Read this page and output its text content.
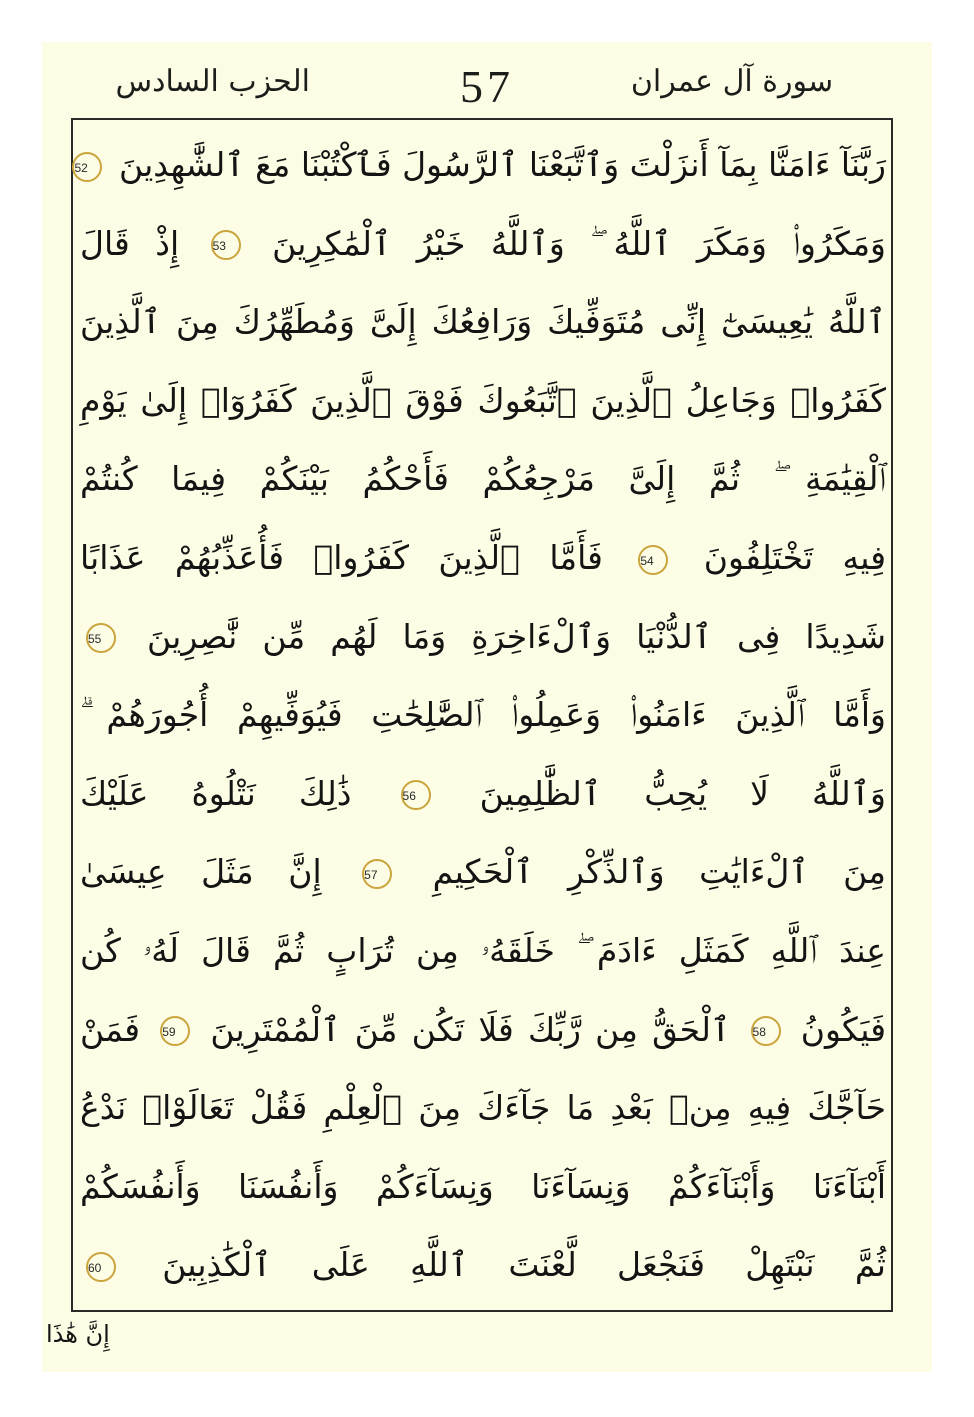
الحزب السادس	57	سورة آل عمران
رَبَّنَآ ءَامَنَّا بِمَآ أَنزَلْتَ وَٱتَّبَعْنَا ٱلرَّسُولَ فَٱكْتُبْنَا مَعَ ٱلشَّٰهِدِينَ 52
وَمَكَرُوا۟ وَمَكَرَ ٱللَّهُ ۖ وَٱللَّهُ خَيْرُ ٱلْمَٰكِرِينَ 53 إِذْ قَالَ
ٱللَّهُ يَٰعِيسَىٰٓ إِنِّى مُتَوَفِّيكَ وَرَافِعُكَ إِلَىَّ وَمُطَهِّرُكَ مِنَ ٱلَّذِينَ
كَفَرُوا۟ وَجَاعِلُ ٱلَّذِينَ ٱتَّبَعُوكَ فَوْقَ ٱلَّذِينَ كَفَرُوٓا۟ إِلَىٰ يَوْمِ
ٱلْقِيَٰمَةِ ۖ ثُمَّ إِلَىَّ مَرْجِعُكُمْ فَأَحْكُمُ بَيْنَكُمْ فِيمَا كُنتُمْ
فِيهِ تَخْتَلِفُونَ 54 فَأَمَّا ٱلَّذِينَ كَفَرُوا۟ فَأُعَذِّبُهُمْ عَذَابًا
شَدِيدًا فِى ٱلدُّنْيَا وَٱلْءَاخِرَةِ وَمَا لَهُم مِّن نَّٰصِرِينَ 55
وَأَمَّا ٱلَّذِينَ ءَامَنُوا۟ وَعَمِلُوا۟ ٱلصَّٰلِحَٰتِ فَيُوَفِّيهِمْ أُجُورَهُمْ ۗ
وَٱللَّهُ لَا يُحِبُّ ٱلظَّٰلِمِينَ 56 ذَٰلِكَ نَتْلُوهُ عَلَيْكَ
مِنَ ٱلْءَايَٰتِ وَٱلذِّكْرِ ٱلْحَكِيمِ 57 إِنَّ مَثَلَ عِيسَىٰ
عِندَ ٱللَّهِ كَمَثَلِ ءَادَمَ ۖ خَلَقَهُۥ مِن تُرَابٍ ثُمَّ قَالَ لَهُۥ كُن
فَيَكُونُ 58 ٱلْحَقُّ مِن رَّبِّكَ فَلَا تَكُن مِّنَ ٱلْمُمْتَرِينَ 59 فَمَنْ
حَآجَّكَ فِيهِ مِنۢ بَعْدِ مَا جَآءَكَ مِنَ ٱلْعِلْمِ فَقُلْ تَعَالَوْا۟ نَدْعُ
أَبْنَآءَنَا وَأَبْنَآءَكُمْ وَنِسَآءَنَا وَنِسَآءَكُمْ وَأَنفُسَنَا وَأَنفُسَكُمْ
ثُمَّ نَبْتَهِلْ فَنَجْعَل لَّعْنَتَ ٱللَّهِ عَلَى ٱلْكَٰذِبِينَ 60
إِنَّ هَٰذَا
